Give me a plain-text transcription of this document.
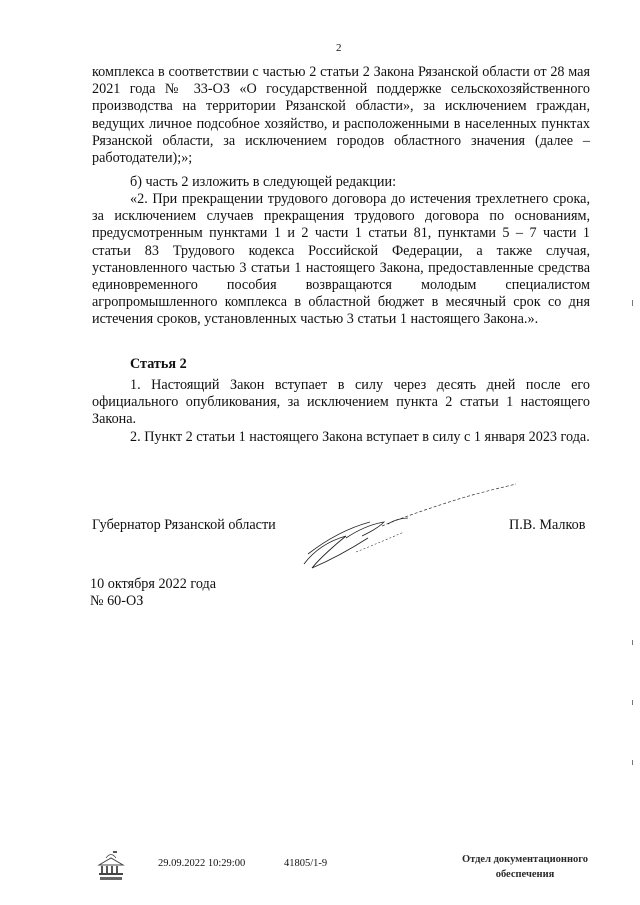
2

комплекса в соответствии с частью 2 статьи 2 Закона Рязанской области от 28 мая 2021 года № 33-ОЗ «О государственной поддержке сельскохозяйственного производства на территории Рязанской области», за исключением граждан, ведущих личное подсобное хозяйство, и расположенными в населенных пунктах Рязанской области, за исключением городов областного значения (далее – работодатели);»;

б) часть 2 изложить в следующей редакции:

«2. При прекращении трудового договора до истечения трехлетнего срока, за исключением случаев прекращения трудового договора по основаниям, предусмотренным пунктами 1 и 2 части 1 статьи 81, пунктами 5 – 7 части 1 статьи 83 Трудового кодекса Российской Федерации, а также случая, установленного частью 3 статьи 1 настоящего Закона, предоставленные средства единовременного пособия возвращаются молодым специалистом агропромышленного комплекса в областной бюджет в месячный срок со дня истечения сроков, установленных частью 3 статьи 1 настоящего Закона.».

Статья 2

1. Настоящий Закон вступает в силу через десять дней после его официального опубликования, за исключением пункта 2 статьи 1 настоящего Закона.

2. Пункт 2 статьи 1 настоящего Закона вступает в силу с 1 января 2023 года.

Губернатор Рязанской области	П.В. Малков
10 октября 2022 года
№ 60-ОЗ
29.09.2022 10:29:00	41805/1-9	Отдел документационного
обеспечения
